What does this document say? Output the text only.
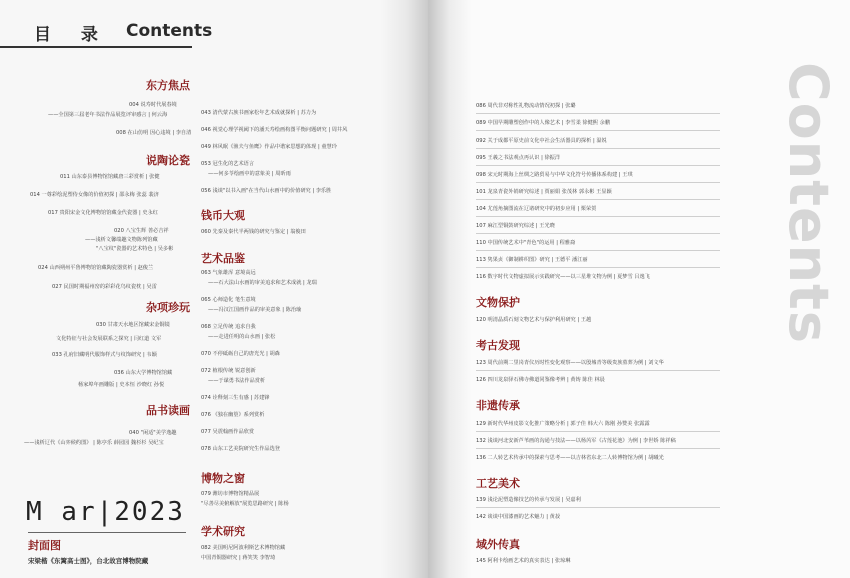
目 录 Contents
东方焦点
004 说寿时代展春境
——全国第三届老年书法作品展览评审感言 | 何云海
008 在山仿明 因心违境 | 李自清
说陶论瓷
011 山东泰县博物馆馆藏唐三彩赏析 | 张健
014 一尊彩绘泥塑侍女像的价值初探 | 邵永梅 张蕊 裴济
017 贵阳宋金文化博物馆馆藏金代瓷器 | 史永红
020 八宝生辉 善必吉祥
——浅析文馨端趣文物陈列馆藏
"八宝纹"瓷器的艺术特色 | 吴多彬
024 山西朔州平鲁博物馆馆藏陶瓷器赏析 | 赵俊兰
027 民国时期福州窑的彩彩花鸟纹瓷枕 | 吴雷
杂项珍玩
030 甘肃天水地区馆藏宋金铜镜
文化特征与社会发展联系之探究 | 闫红道 文军
033 孔府旧藏明代服饰样式与纹饰研究 | 韦颖
036 山东大学博物馆馆藏
杨家埠年画雕版 | 史本恒 沙晓红 孙悦
品书读画
040 "闲适"美学逸趣
——浅析辽代《山弈候约图》 | 陈亭乐 薛园园 魏杉杉 吴纪宝
043 清代蒙古族书画家松年艺术成就探析 | 苏力为
046 视觉心理学视阈下的潘天寿绘画构图平衡问题研究 | 周井风
049 林风眠《渔夫与鱼鹰》作品中谐家思想的体现 | 童慧玲
053 冠生化的艺术语言
——何多苓绘画中的意象美 | 周昕雨
056 浅谈"以书入画"在当代山水画中的价值研究 | 李乐胜
钱币大观
060 先秦及秦代半两钱的研究与鉴定 | 翁俊田
艺术品鉴
063 气象雄浑 意境高远
——石大法山水画的审美追求和艺术成就 | 龙瑞
065 心师造化 笔生意境
——冯汉江国画作品的审美意象 | 陈治瑜
068 立足传统 追求自我
——走进任明的山水画 | 张松
070 不停砥砺自己的唐光光 | 胡森
072 植根传统 锐意创新
——于谋勇书法作品赏析
074 诠释刻三生有感 | 苏建锋
076 《独在幽篁》系列赏析
077 吴震翰画作品欣赏
078 山东工艺美院研究生作品选登
博物之窗
079 潍坊市博物馆精品展
"尽善尽美俯解放"展览思路研究 | 陈杨
学术研究
082 美国明尼阿波利斯艺术博物馆藏
中国青铜器研究 | 蒋笑笑 李智琦
M ar|2023
封面图
宋梁楷《东篱高士图》，台北故宫博物院藏
086 周代非对称性礼物流动情况初探 | 张璐
089 中国早期雕塑创作中的人像艺术 | 李雪柔 徐健熙 余鹏
092 关于成都平原史前文化中社会生活器具的探析 | 温锐
095 王羲之书法观点再认识 | 徐振洋
098 宋元时期海上丝绸之路贸易与中华文化符号传播体系构建 | 王琪
101 龙泉青瓷外销研究综述 | 贾丽娟 张茂林 郭永彬 王显颖
104 尤莲角摘图流在辽诸研究中的初步应用 | 栗荣贺
107 麻江型铜鼓研究综述 | 王光晓
110 中国传统艺术中"青色"的运用 | 程雅裔
113 隽果贞《御制耕织图》研究 | 王德平 潘江丽
116 数字时代文物虚拟展示实践研究——以三星堆文物为例 | 夏梦雪 吕逸飞
文物保护
120 明清晶质石刻文物艺术与保护利用研究 | 王越
考古发现
123 周代前期二里岗青仪历时性变化观察——以殷墟青等级贵族墓葬为例 | 刘文华
126 四川龙泉驿石佛寺佛道同鉴像考辨 | 黄铸 陈佳 林晨
非遗传承
129 新时代华州皮影文化推广策略分析 | 郭子佳 韩大六 陈刚 孙赞美 张露露
132 浅谈河北安新芦苇画的沟通与技法——以杨芮军《古莲花池》为例 | 李世娇 陈祥稿
136 二人转艺术传承中的探索与思考——以吉林省东北二人转博物馆为例 | 胡曦光
工艺美术
139 浅论泥塑造像技艺的传承与发展 | 吴嘉利
142 谈谈中国漆画的艺术魅力 | 黄菽
域外传真
145 阿利卡绘画艺术的真实表达 | 张琼琳
Contents
